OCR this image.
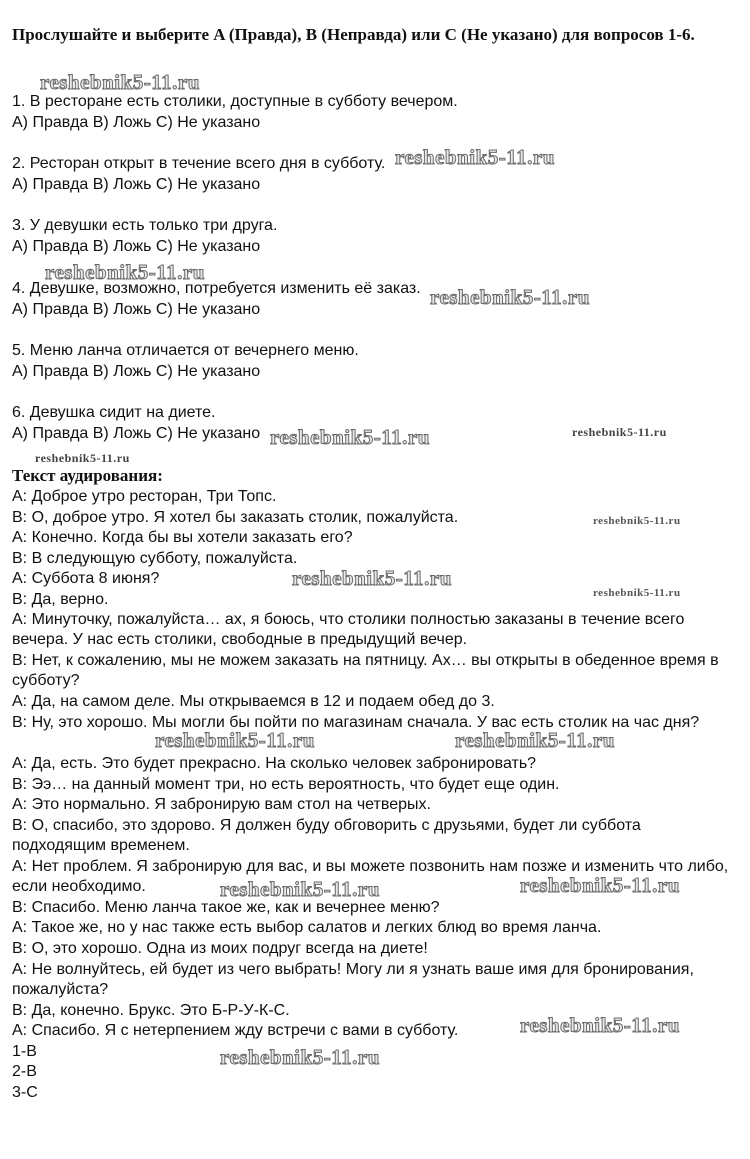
Прослушайте и выберите A (Правда), B (Неправда) или C (Не указано) для вопросов 1-6.
1. В ресторане есть столики, доступные в субботу вечером.
А) Правда В) Ложь С) Не указано
2. Ресторан открыт в течение всего дня в субботу.
А) Правда В) Ложь С) Не указано
3. У девушки есть только три друга.
А) Правда В) Ложь С) Не указано
4. Девушке, возможно, потребуется изменить её заказ.
А) Правда В) Ложь С) Не указано
5. Меню ланча отличается от вечернего меню.
А) Правда В) Ложь С) Не указано
6. Девушка сидит на диете.
А) Правда В) Ложь С) Не указано
Текст аудирования:
A: Доброе утро ресторан, Три Топс.
B: О, доброе утро. Я хотел бы заказать столик, пожалуйста.
A: Конечно. Когда бы вы хотели заказать его?
B: В следующую субботу, пожалуйста.
A: Суббота 8 июня?
B: Да, верно.
A: Минуточку, пожалуйста… ах, я боюсь, что столики полностью заказаны в течение всего вечера. У нас есть столики, свободные в предыдущий вечер.
B: Нет, к сожалению, мы не можем заказать на пятницу. Ах… вы открыты в обеденное время в субботу?
A: Да, на самом деле. Мы открываемся в 12 и подаем обед до 3.
B: Ну, это хорошо. Мы могли бы пойти по магазинам сначала. У вас есть столик на час дня?
A: Да, есть. Это будет прекрасно. На сколько человек забронировать?
B: Ээ… на данный момент три, но есть вероятность, что будет еще один.
A: Это нормально. Я забронирую вам стол на четверых.
B: О, спасибо, это здорово. Я должен буду обговорить с друзьями, будет ли суббота подходящим временем.
A: Нет проблем. Я забронирую для вас, и вы можете позвонить нам позже и изменить что либо, если необходимо.
B: Спасибо. Меню ланча такое же, как и вечернее меню?
A: Такое же, но у нас также есть выбор салатов и легких блюд во время ланча.
B: О, это хорошо. Одна из моих подруг всегда на диете!
A: Не волнуйтесь, ей будет из чего выбрать! Могу ли я узнать ваше имя для бронирования, пожалуйста?
B: Да, конечно. Брукс. Это Б-Р-У-К-С.
A: Спасибо. Я с нетерпением жду встречи с вами в субботу.
1-B
2-B
3-C
reshebnik5-11.ru
reshebnik5-11.ru
reshebnik5-11.ru
reshebnik5-11.ru
reshebnik5-11.ru	reshebnik5-11.ru
reshebnik5-11.ru
reshebnik5-11.ru
reshebnik5-11.ru
reshebnik5-11.ru
reshebnik5-11.ru	reshebnik5-11.ru
reshebnik5-11.ru	reshebnik5-11.ru
reshebnik5-11.ru
reshebnik5-11.ru
